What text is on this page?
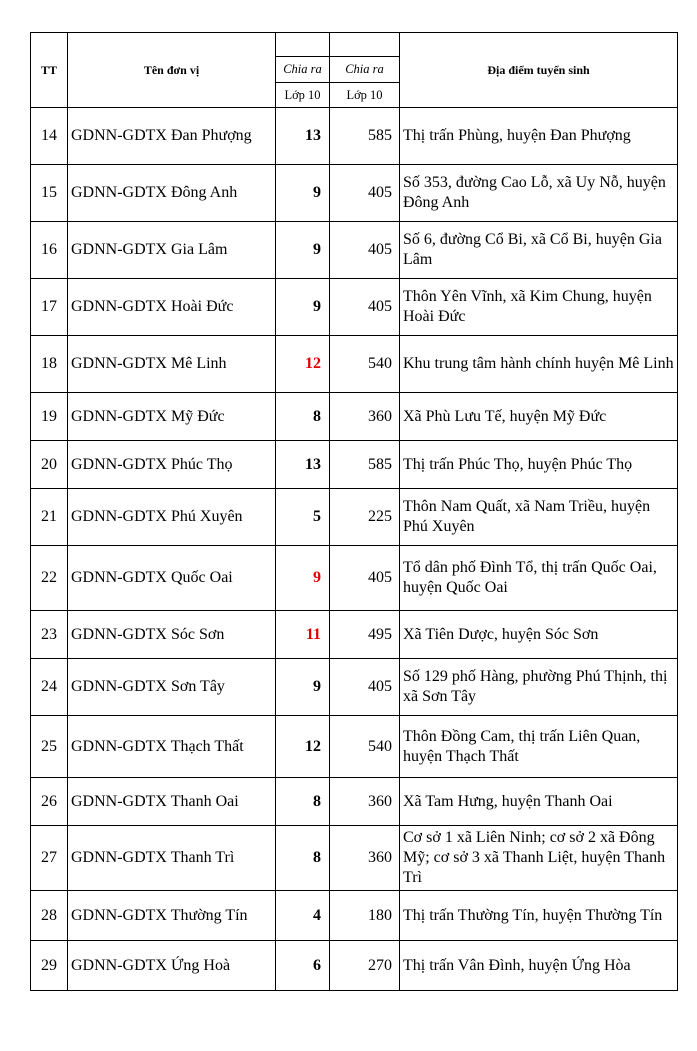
TT	Tên đơn vị			Địa điểm tuyển sinh
		Chia ra	Chia ra	
		Lớp 10	Lớp 10	
14	GDNN-GDTX Đan Phượng	13	585	Thị trấn Phùng, huyện Đan Phượng
15	GDNN-GDTX Đông Anh	9	405	Số 353, đường Cao Lỗ, xã Uy Nỗ, huyện Đông Anh
16	GDNN-GDTX Gia Lâm	9	405	Số 6, đường Cổ Bi, xã Cổ Bi, huyện Gia Lâm
17	GDNN-GDTX Hoài Đức	9	405	Thôn Yên Vĩnh, xã Kim Chung, huyện Hoài Đức
18	GDNN-GDTX Mê Linh	12	540	Khu trung tâm hành chính huyện Mê Linh
19	GDNN-GDTX Mỹ Đức	8	360	Xã Phù Lưu Tế, huyện Mỹ Đức
20	GDNN-GDTX Phúc Thọ	13	585	Thị trấn Phúc Thọ, huyện Phúc Thọ
21	GDNN-GDTX Phú Xuyên	5	225	Thôn Nam Quất, xã Nam Triều, huyện Phú Xuyên
22	GDNN-GDTX Quốc Oai	9	405	Tổ dân phố Đình Tổ, thị trấn Quốc Oai, huyện Quốc Oai
23	GDNN-GDTX Sóc Sơn	11	495	Xã Tiên Dược, huyện Sóc Sơn
24	GDNN-GDTX Sơn Tây	9	405	Số 129 phố Hàng, phường Phú Thịnh, thị xã Sơn Tây
25	GDNN-GDTX Thạch Thất	12	540	Thôn Đồng Cam, thị trấn Liên Quan, huyện Thạch Thất
26	GDNN-GDTX Thanh Oai	8	360	Xã Tam Hưng, huyện Thanh Oai
27	GDNN-GDTX Thanh Trì	8	360	Cơ sở 1 xã Liên Ninh; cơ sở 2 xã Đông Mỹ; cơ sở 3 xã Thanh Liệt, huyện Thanh Trì
28	GDNN-GDTX Thường Tín	4	180	Thị trấn Thường Tín, huyện Thường Tín
29	GDNN-GDTX Ứng Hoà	6	270	Thị trấn Vân Đình, huyện Ứng Hòa
